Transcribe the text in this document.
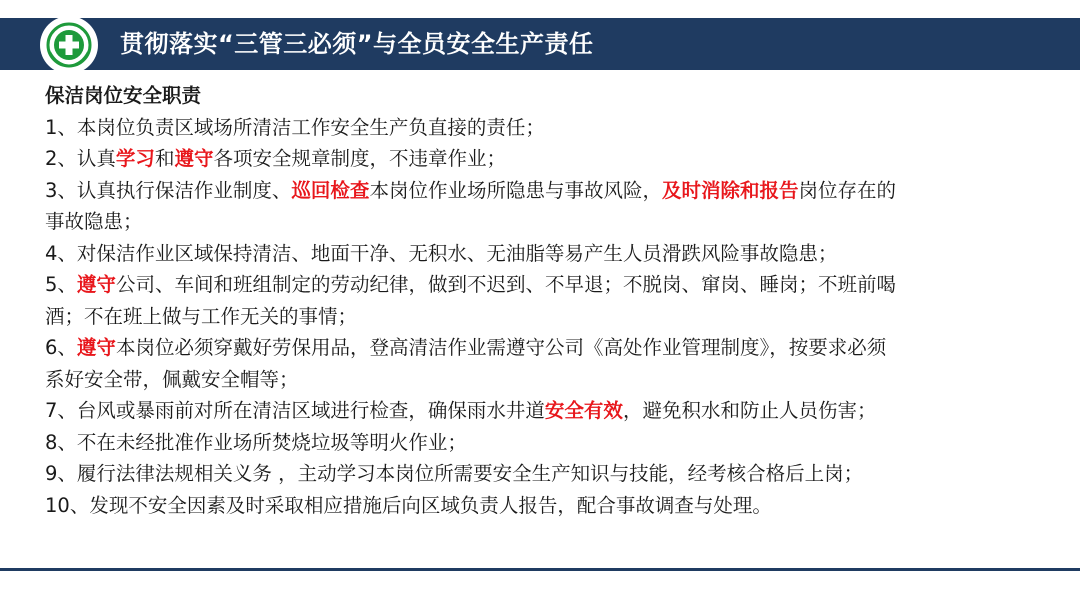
贯彻落实“三管三必须”与全员安全生产责任

保洁岗位安全职责

1、本岗位负责区域场所清洁工作安全生产负直接的责任；

2、认真学习和遵守各项安全规章制度，不违章作业；

3、认真执行保洁作业制度、巡回检查本岗位作业场所隐患与事故风险，及时消除和报告岗位存在的
事故隐患；

4、对保洁作业区域保持清洁、地面干净、无积水、无油脂等易产生人员滑跌风险事故隐患；

5、遵守公司、车间和班组制定的劳动纪律，做到不迟到、不早退；不脱岗、窜岗、睡岗；不班前喝
酒；不在班上做与工作无关的事情；

6、遵守本岗位必须穿戴好劳保用品，登高清洁作业需遵守公司《高处作业管理制度》，按要求必须
系好安全带，佩戴安全帽等；

7、台风或暴雨前对所在清洁区域进行检查，确保雨水井道安全有效，避免积水和防止人员伤害；

8、不在未经批准作业场所焚烧垃圾等明火作业；

9、履行法律法规相关义务 ，主动学习本岗位所需要安全生产知识与技能，经考核合格后上岗；

10、发现不安全因素及时采取相应措施后向区域负责人报告，配合事故调查与处理。
